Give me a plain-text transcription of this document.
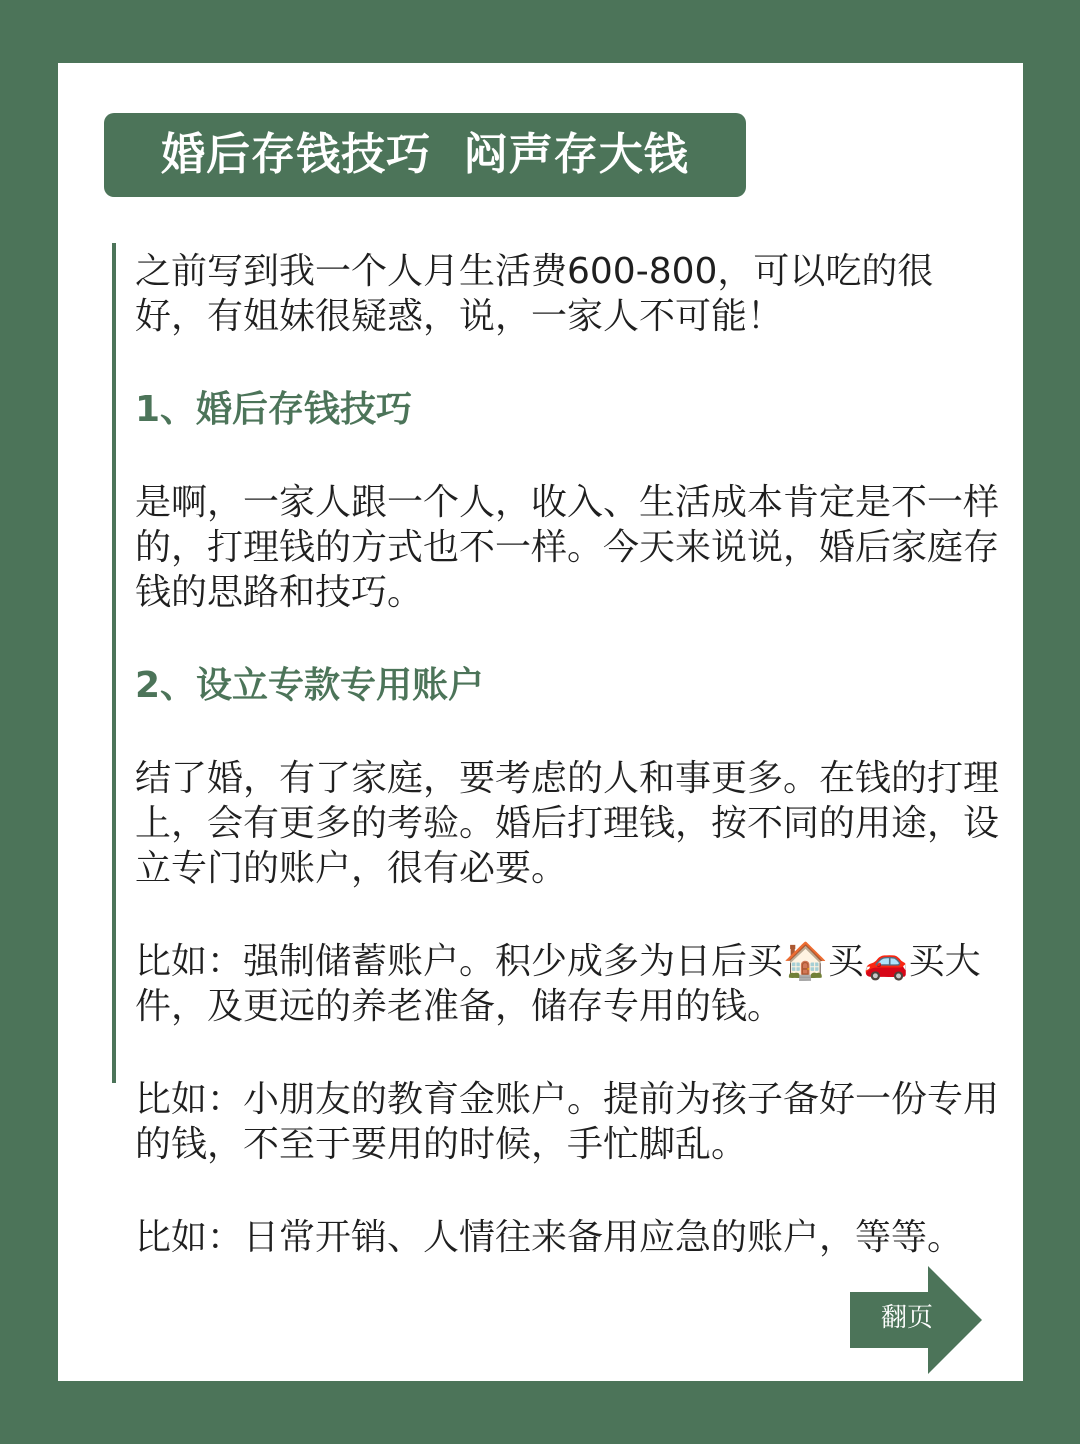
婚后存钱技巧  闷声存大钱

之前写到我一个人月生活费600-800，可以吃的很好，有姐妹很疑惑，说，一家人不可能！

1、婚后存钱技巧

是啊，一家人跟一个人，收入、生活成本肯定是不一样的，打理钱的方式也不一样。今天来说说，婚后家庭存钱的思路和技巧。

2、设立专款专用账户

结了婚，有了家庭，要考虑的人和事更多。在钱的打理上，会有更多的考验。婚后打理钱，按不同的用途，设立专门的账户，很有必要。

比如：强制储蓄账户。积少成多为日后买🏠买🚗买大件，及更远的养老准备，储存专用的钱。

比如：小朋友的教育金账户。提前为孩子备好一份专用的钱，不至于要用的时候，手忙脚乱。

比如：日常开销、人情往来备用应急的账户，等等。

翻页
